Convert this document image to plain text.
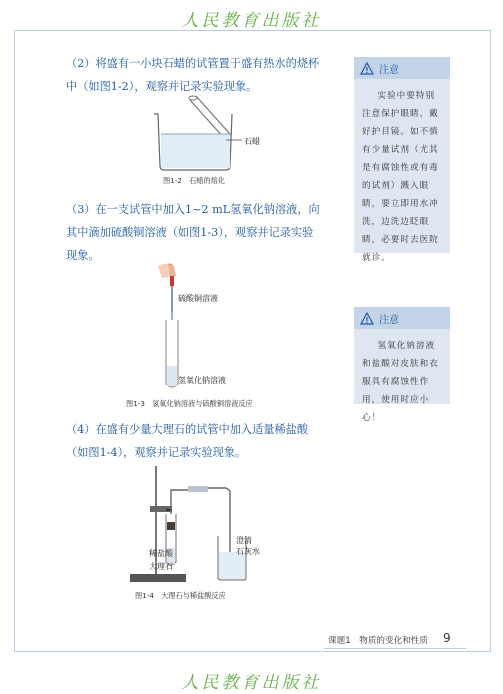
人民教育出版社
（2）将盛有一小块石蜡的试管置于盛有热水的烧杯中（如图1-2），观察并记录实验现象。
石蜡
图1-2　石蜡的熔化
（3）在一支试管中加入1~2 mL氢氧化钠溶液，向其中滴加硫酸铜溶液（如图1-3），观察并记录实验现象。
硫酸铜溶液
氢氧化钠溶液
图1-3　氢氧化钠溶液与硫酸铜溶液反应
（4）在盛有少量大理石的试管中加入适量稀盐酸（如图1-4），观察并记录实验现象。
稀盐酸
大理石
澄清
石灰水
图1-4　大理石与稀盐酸反应
注意
实验中要特别注意保护眼睛，戴好护目镜。如不慎有少量试剂（尤其是有腐蚀性或有毒的试剂）溅入眼睛，要立即用水冲洗，边洗边眨眼睛，必要时去医院就诊。
注意
氢氧化钠溶液和盐酸对皮肤和衣服具有腐蚀性作用，使用时应小心！
课题1　物质的变化和性质 9
人民教育出版社
